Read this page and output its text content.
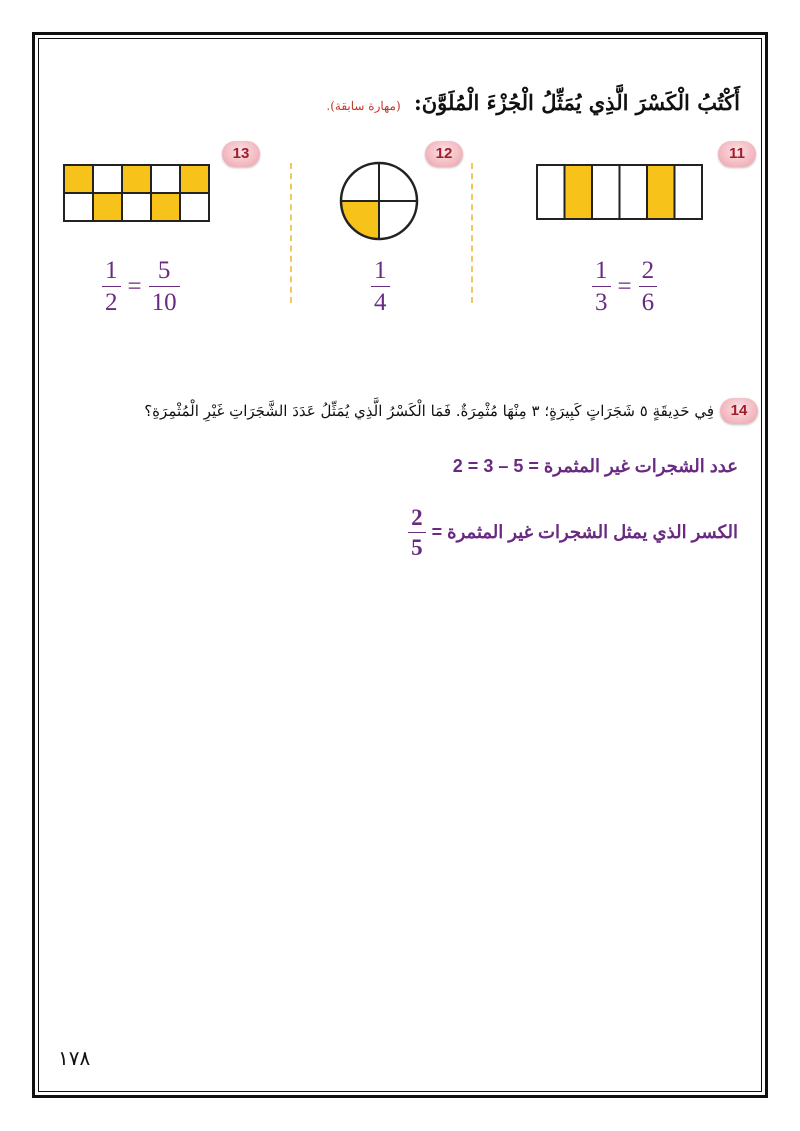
أَكْتُبُ الْكَسْرَ الَّذِي يُمَثِّلُ الْجُزْءَ الْمُلَوَّنَ: (مهارة سابقة).
11
12
13
$\frac{1}{3} = \frac{2}{6}$
$\frac{1}{4}$
$\frac{1}{2} = \frac{5}{10}$
14
فِي حَدِيقَةٍ ٥ شَجَرَاتٍ كَبِيرَةٍ؛ ٣ مِنْهَا مُثْمِرَةٌ. فَمَا الْكَسْرُ الَّذِي يُمَثِّلُ عَدَدَ الشَّجَرَاتِ غَيْرِ الْمُثْمِرَةِ؟
عدد الشجرات غير المثمرة = 5 – 3 = 2
الكسر الذي يمثل الشجرات غير المثمرة =
$\frac{2}{5}$
١٧٨
